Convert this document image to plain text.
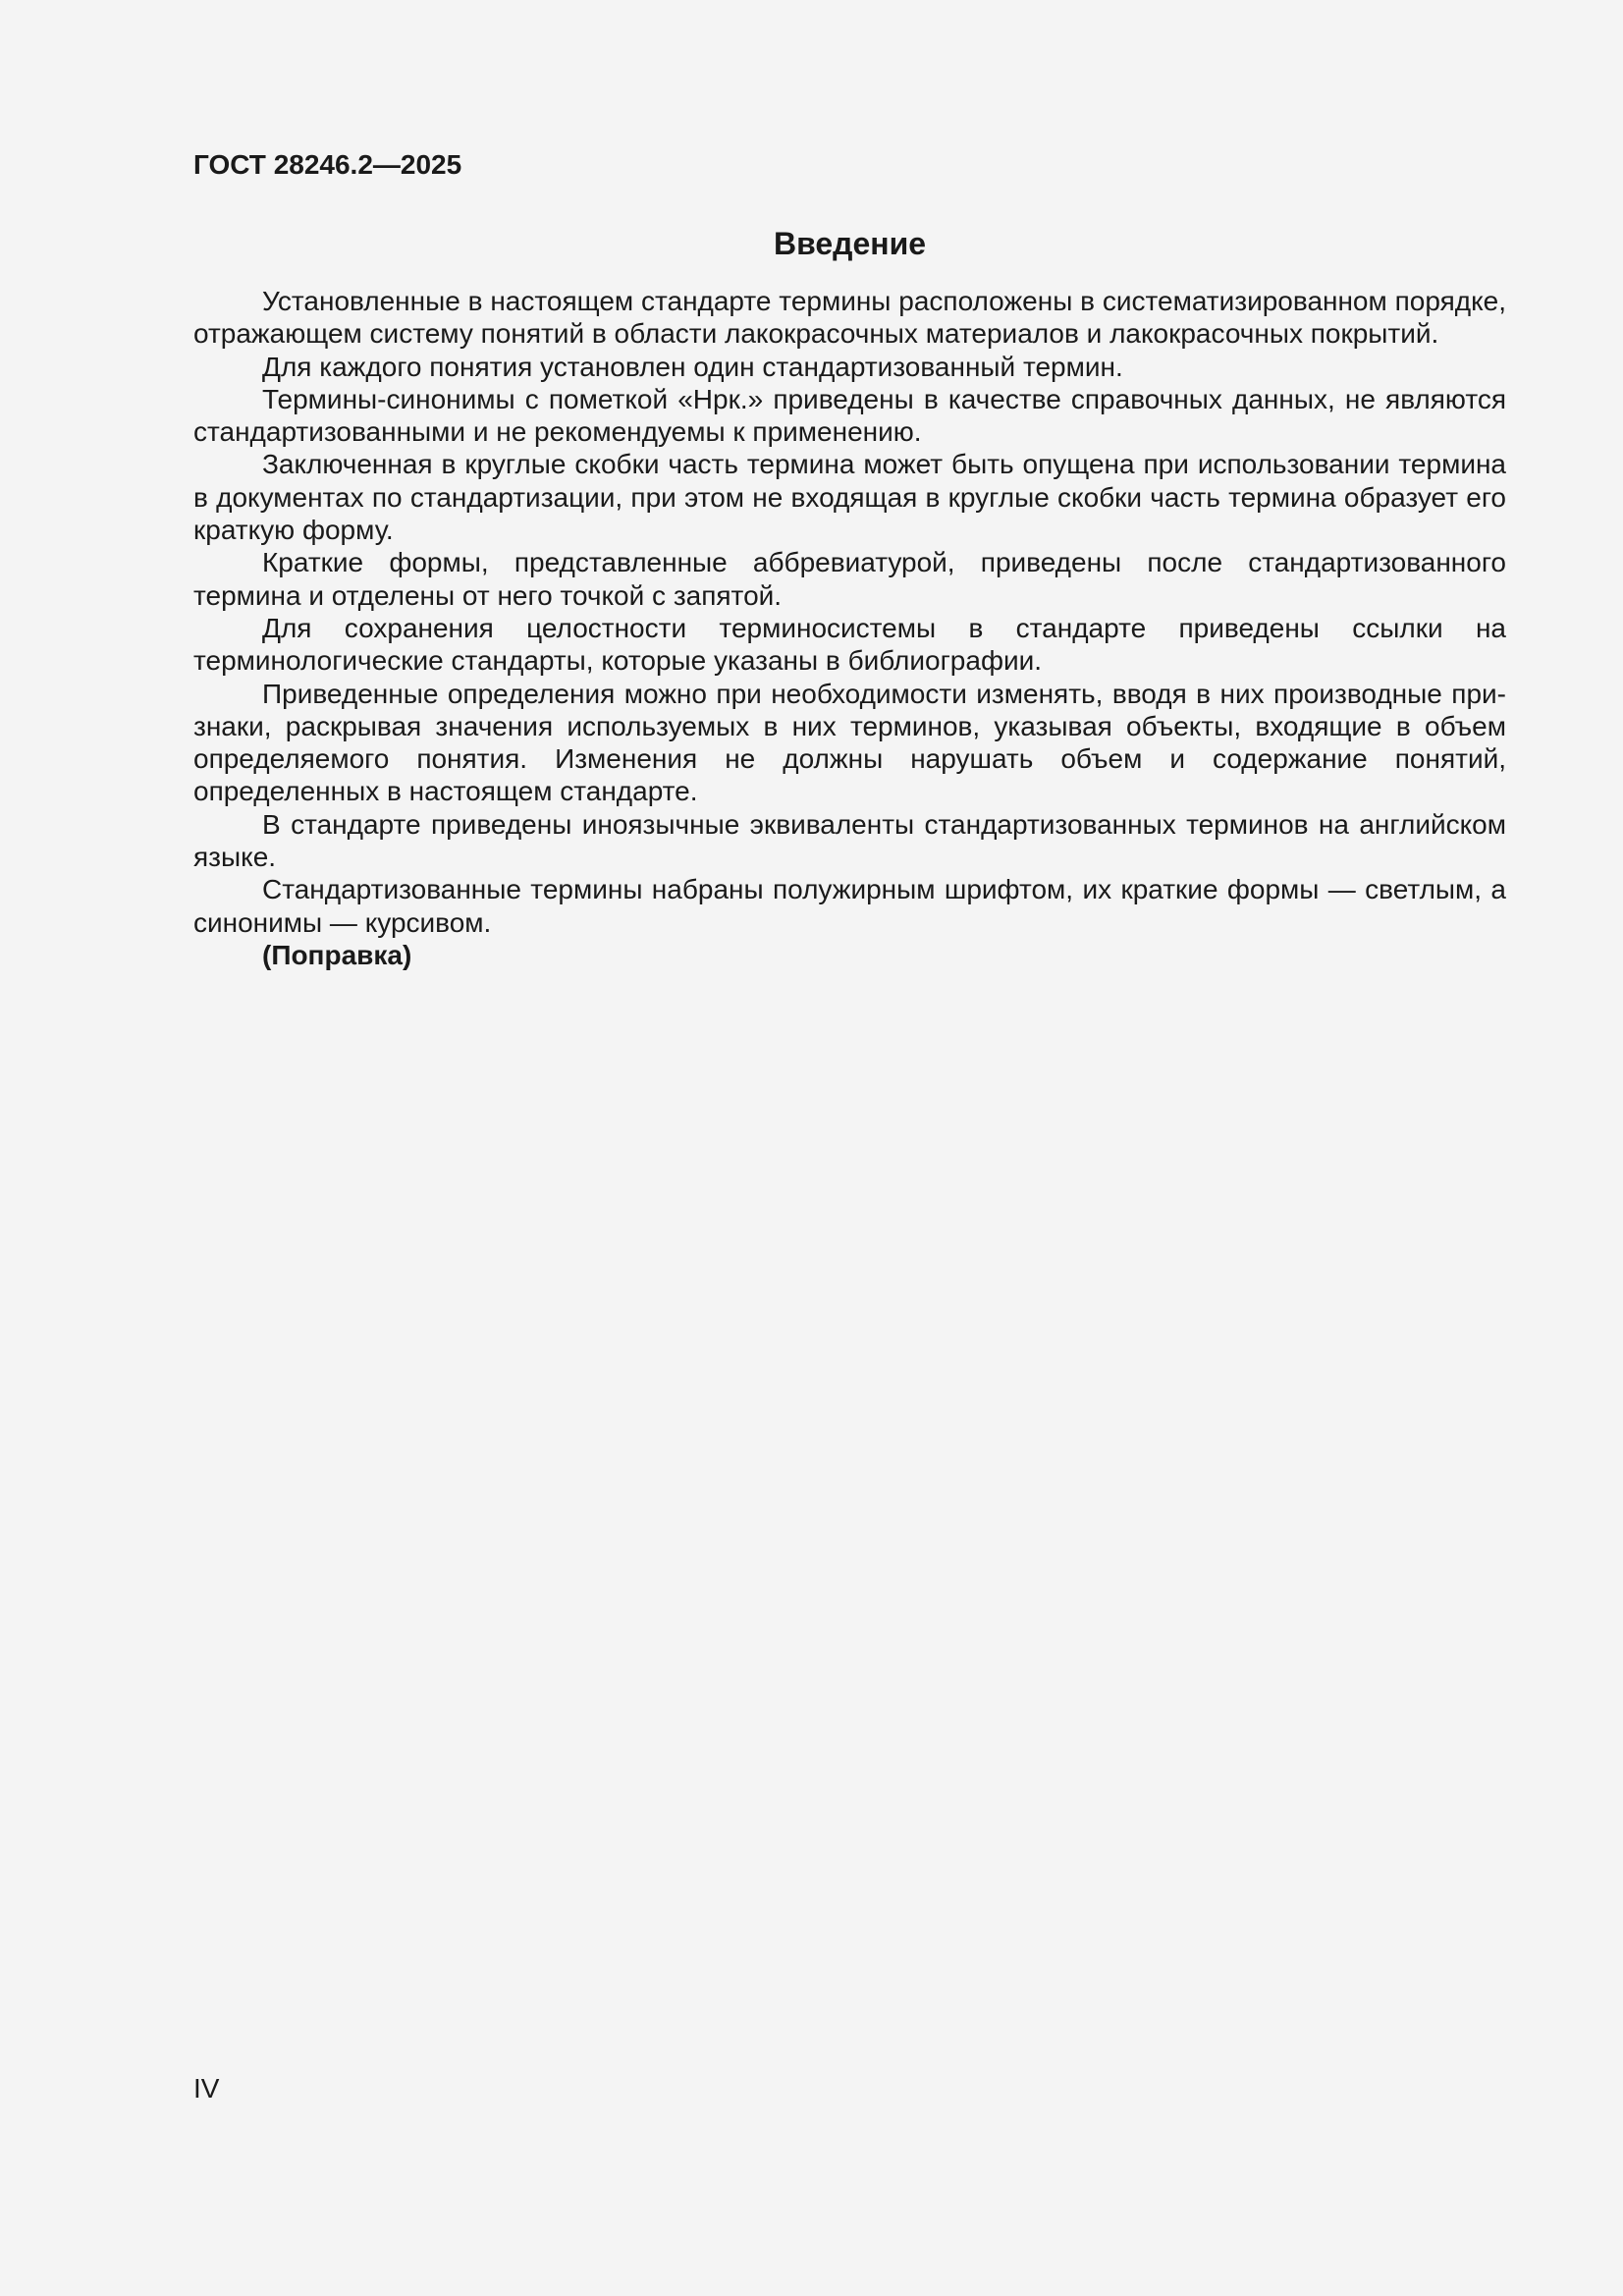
ГОСТ 28246.2—2025
Введение

Установленные в настоящем стандарте термины расположены в систематизированном порядке, отражающем систему понятий в области лакокрасочных материалов и лакокрасочных покрытий.

Для каждого понятия установлен один стандартизованный термин.

Термины-синонимы с пометкой «Нрк.» приведены в качестве справочных данных, не являются стандартизованными и не рекомендуемы к применению.

Заключенная в круглые скобки часть термина может быть опущена при использовании термина в документах по стандартизации, при этом не входящая в круглые скобки часть термина образует его краткую форму.

Краткие формы, представленные аббревиатурой, приведены после стандартизованного термина и отделены от него точкой с запятой.

Для сохранения целостности терминосистемы в стандарте приведены ссылки на терминологические стандарты, которые указаны в библиографии.

Приведенные определения можно при необходимости изменять, вводя в них производные признаки, раскрывая значения используемых в них терминов, указывая объекты, входящие в объем определяемого понятия. Изменения не должны нарушать объем и содержание понятий, определенных в настоящем стандарте.

В стандарте приведены иноязычные эквиваленты стандартизованных терминов на английском языке.

Стандартизованные термины набраны полужирным шрифтом, их краткие формы — светлым, а синонимы — курсивом.

(Поправка)

IV
